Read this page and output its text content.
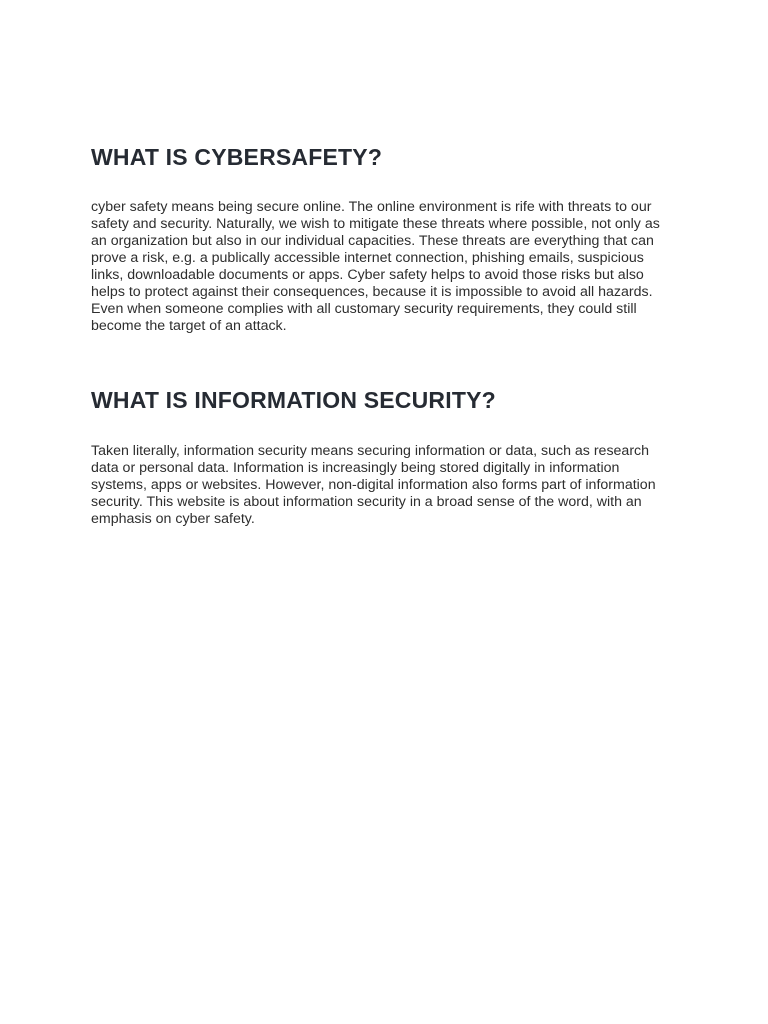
WHAT IS CYBERSAFETY?

cyber safety means being secure online. The online environment is rife with threats to our
safety and security. Naturally, we wish to mitigate these threats where possible, not only as
an organization but also in our individual capacities. These threats are everything that can
prove a risk, e.g. a publically accessible internet connection, phishing emails, suspicious
links, downloadable documents or apps. Cyber safety helps to avoid those risks but also
helps to protect against their consequences, because it is impossible to avoid all hazards.
Even when someone complies with all customary security requirements, they could still
become the target of an attack.

WHAT IS INFORMATION SECURITY?

Taken literally, information security means securing information or data, such as research
data or personal data. Information is increasingly being stored digitally in information
systems, apps or websites. However, non-digital information also forms part of information
security. This website is about information security in a broad sense of the word, with an
emphasis on cyber safety.
